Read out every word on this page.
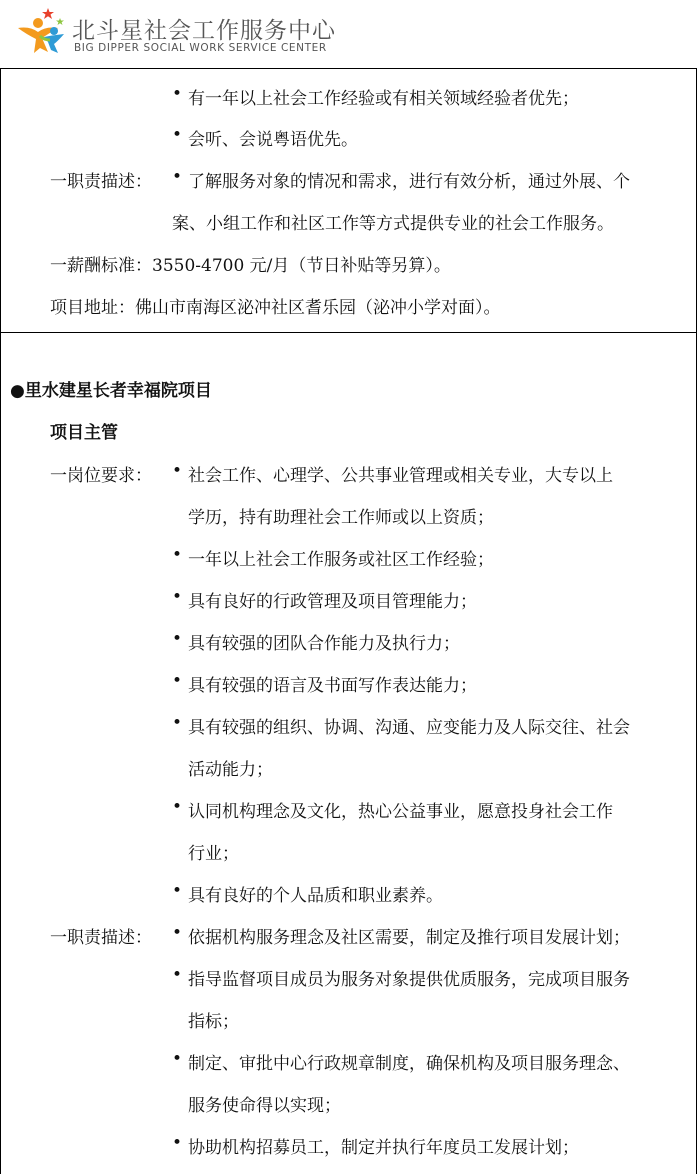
北斗星社会工作服务中心
BIG DIPPER SOCIAL WORK SERVICE CENTER
• 有一年以上社会工作经验或有相关领域经验者优先；
• 会听、会说粤语优先。
一职责描述： • 了解服务对象的情况和需求，进行有效分析，通过外展、个
案、小组工作和社区工作等方式提供专业的社会工作服务。
一薪酬标准：3550-4700 元/月（节日补贴等另算）。
项目地址：佛山市南海区泌冲社区耆乐园（泌冲小学对面）。
●里水建星长者幸福院项目
项目主管
一岗位要求： • 社会工作、心理学、公共事业管理或相关专业，大专以上
学历，持有助理社会工作师或以上资质；
• 一年以上社会工作服务或社区工作经验；
• 具有良好的行政管理及项目管理能力；
• 具有较强的团队合作能力及执行力；
• 具有较强的语言及书面写作表达能力；
• 具有较强的组织、协调、沟通、应变能力及人际交往、社会
活动能力；
• 认同机构理念及文化，热心公益事业，愿意投身社会工作
行业；
• 具有良好的个人品质和职业素养。
一职责描述： • 依据机构服务理念及社区需要，制定及推行项目发展计划；
• 指导监督项目成员为服务对象提供优质服务，完成项目服务
指标；
• 制定、审批中心行政规章制度，确保机构及项目服务理念、
服务使命得以实现；
• 协助机构招募员工，制定并执行年度员工发展计划；
